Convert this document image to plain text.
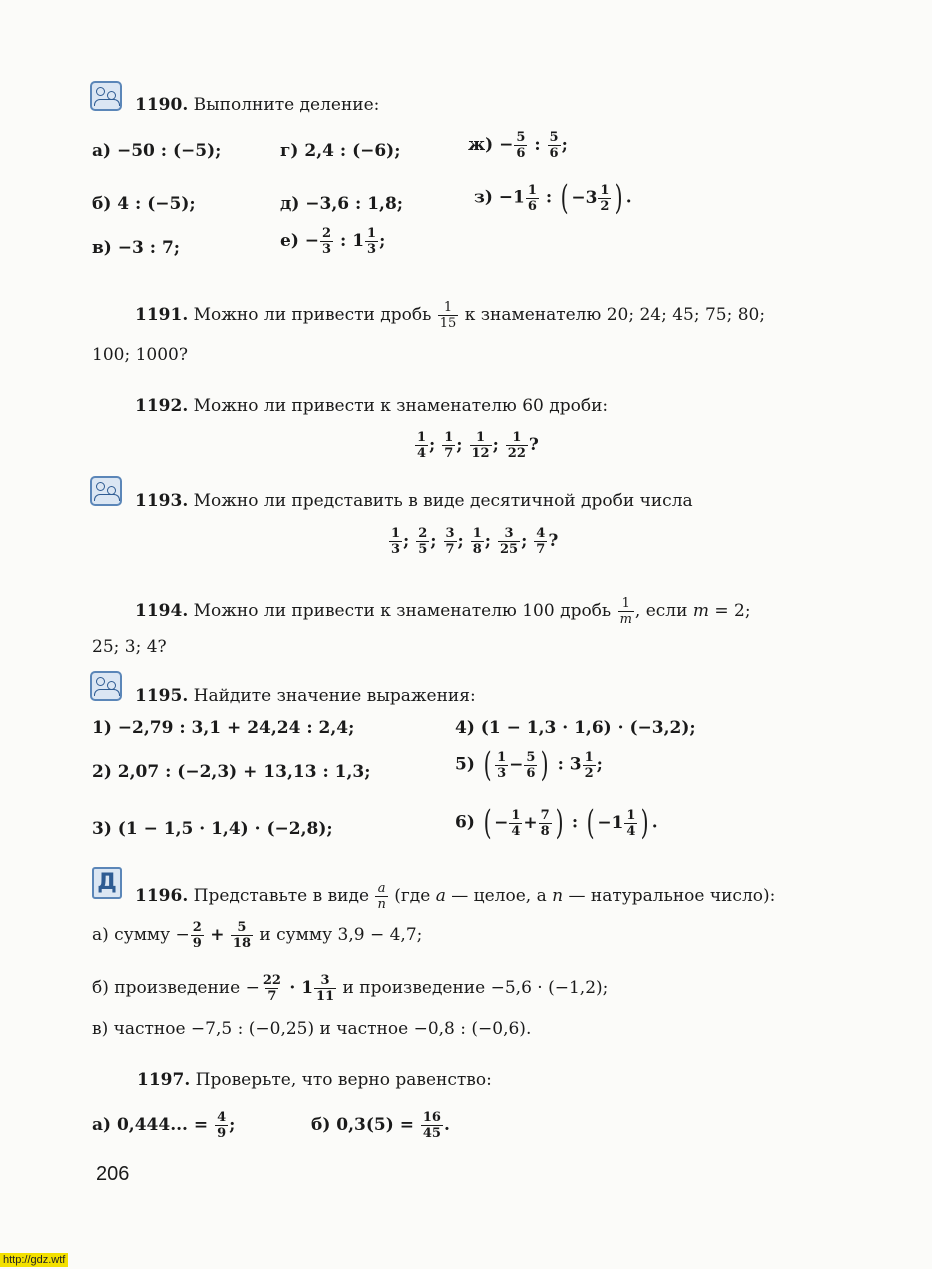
1190. Выполните деление:
а) −50 : (−5);
б) 4 : (−5);
в) −3 : 7;
г) 2,4 : (−6);
д) −3,6 : 1,8;
$е) - \frac{2}{3}$ : $1 \frac{1}{3}$ ;
$ж) - \frac{5}{6}$ : $\frac{5}{6}$ ;
$з) -1 \frac{1}{6}$ : ( $-3 \frac{1}{2}$ ) .
1191. Можно ли привести дробь $\frac{1}{15}$ к знаменателю 20; 24; 45; 75; 80;
100; 1000?
1192. Можно ли привести к знаменателю 60 дроби:
$\frac{1}{4}$ ; $\frac{1}{7}$ ; $\frac{1}{12}$ ; $\frac{1}{22}$ ?
1193. Можно ли представить в виде десятичной дроби числа
$\frac{1}{3}$ ; $\frac{2}{5}$ ; $\frac{3}{7}$ ; $\frac{1}{8}$ ; $\frac{3}{25}$ ; $\frac{4}{7}$ ?
1194. Можно ли привести к знаменателю 100 дробь $\frac{1}{m}$ , если m = 2;
25; 3; 4?
1195. Найдите значение выражения:
1) −2,79 : 3,1 + 24,24 : 2,4;
2) 2,07 : (−2,3) + 13,13 : 1,3;
3) (1 − 1,5 · 1,4) · (−2,8);
4) (1 − 1,3 · 1,6) · (−3,2);
5) ( $\frac{1}{3} - \frac{5}{6}$ ) : $3 \frac{1}{2}$ ;
6) ( − $\frac{1}{4} + \frac{7}{8}$ ) : ( $-1 \frac{1}{4}$ ) .
Д
1196. Представьте в виде $\frac{a}{n} (где$ a — целое, а n — натуральное число):
а) сумму − $\frac{2}{9} + \frac{5}{18}$ и сумму 3,9 − 4,7;
б) произведение − $\frac{22}{7} \cdot 1 \frac{3}{11}$ и произведение −5,6 · (−1,2);
в) частное −7,5 : (−0,25) и частное −0,8 : (−0,6).
1197. Проверьте, что верно равенство:
а) 0,444... = $\frac{4}{9}$ ;	б) $0,3(5) = \frac{16}{45}$ .
206
http://gdz.wtf
